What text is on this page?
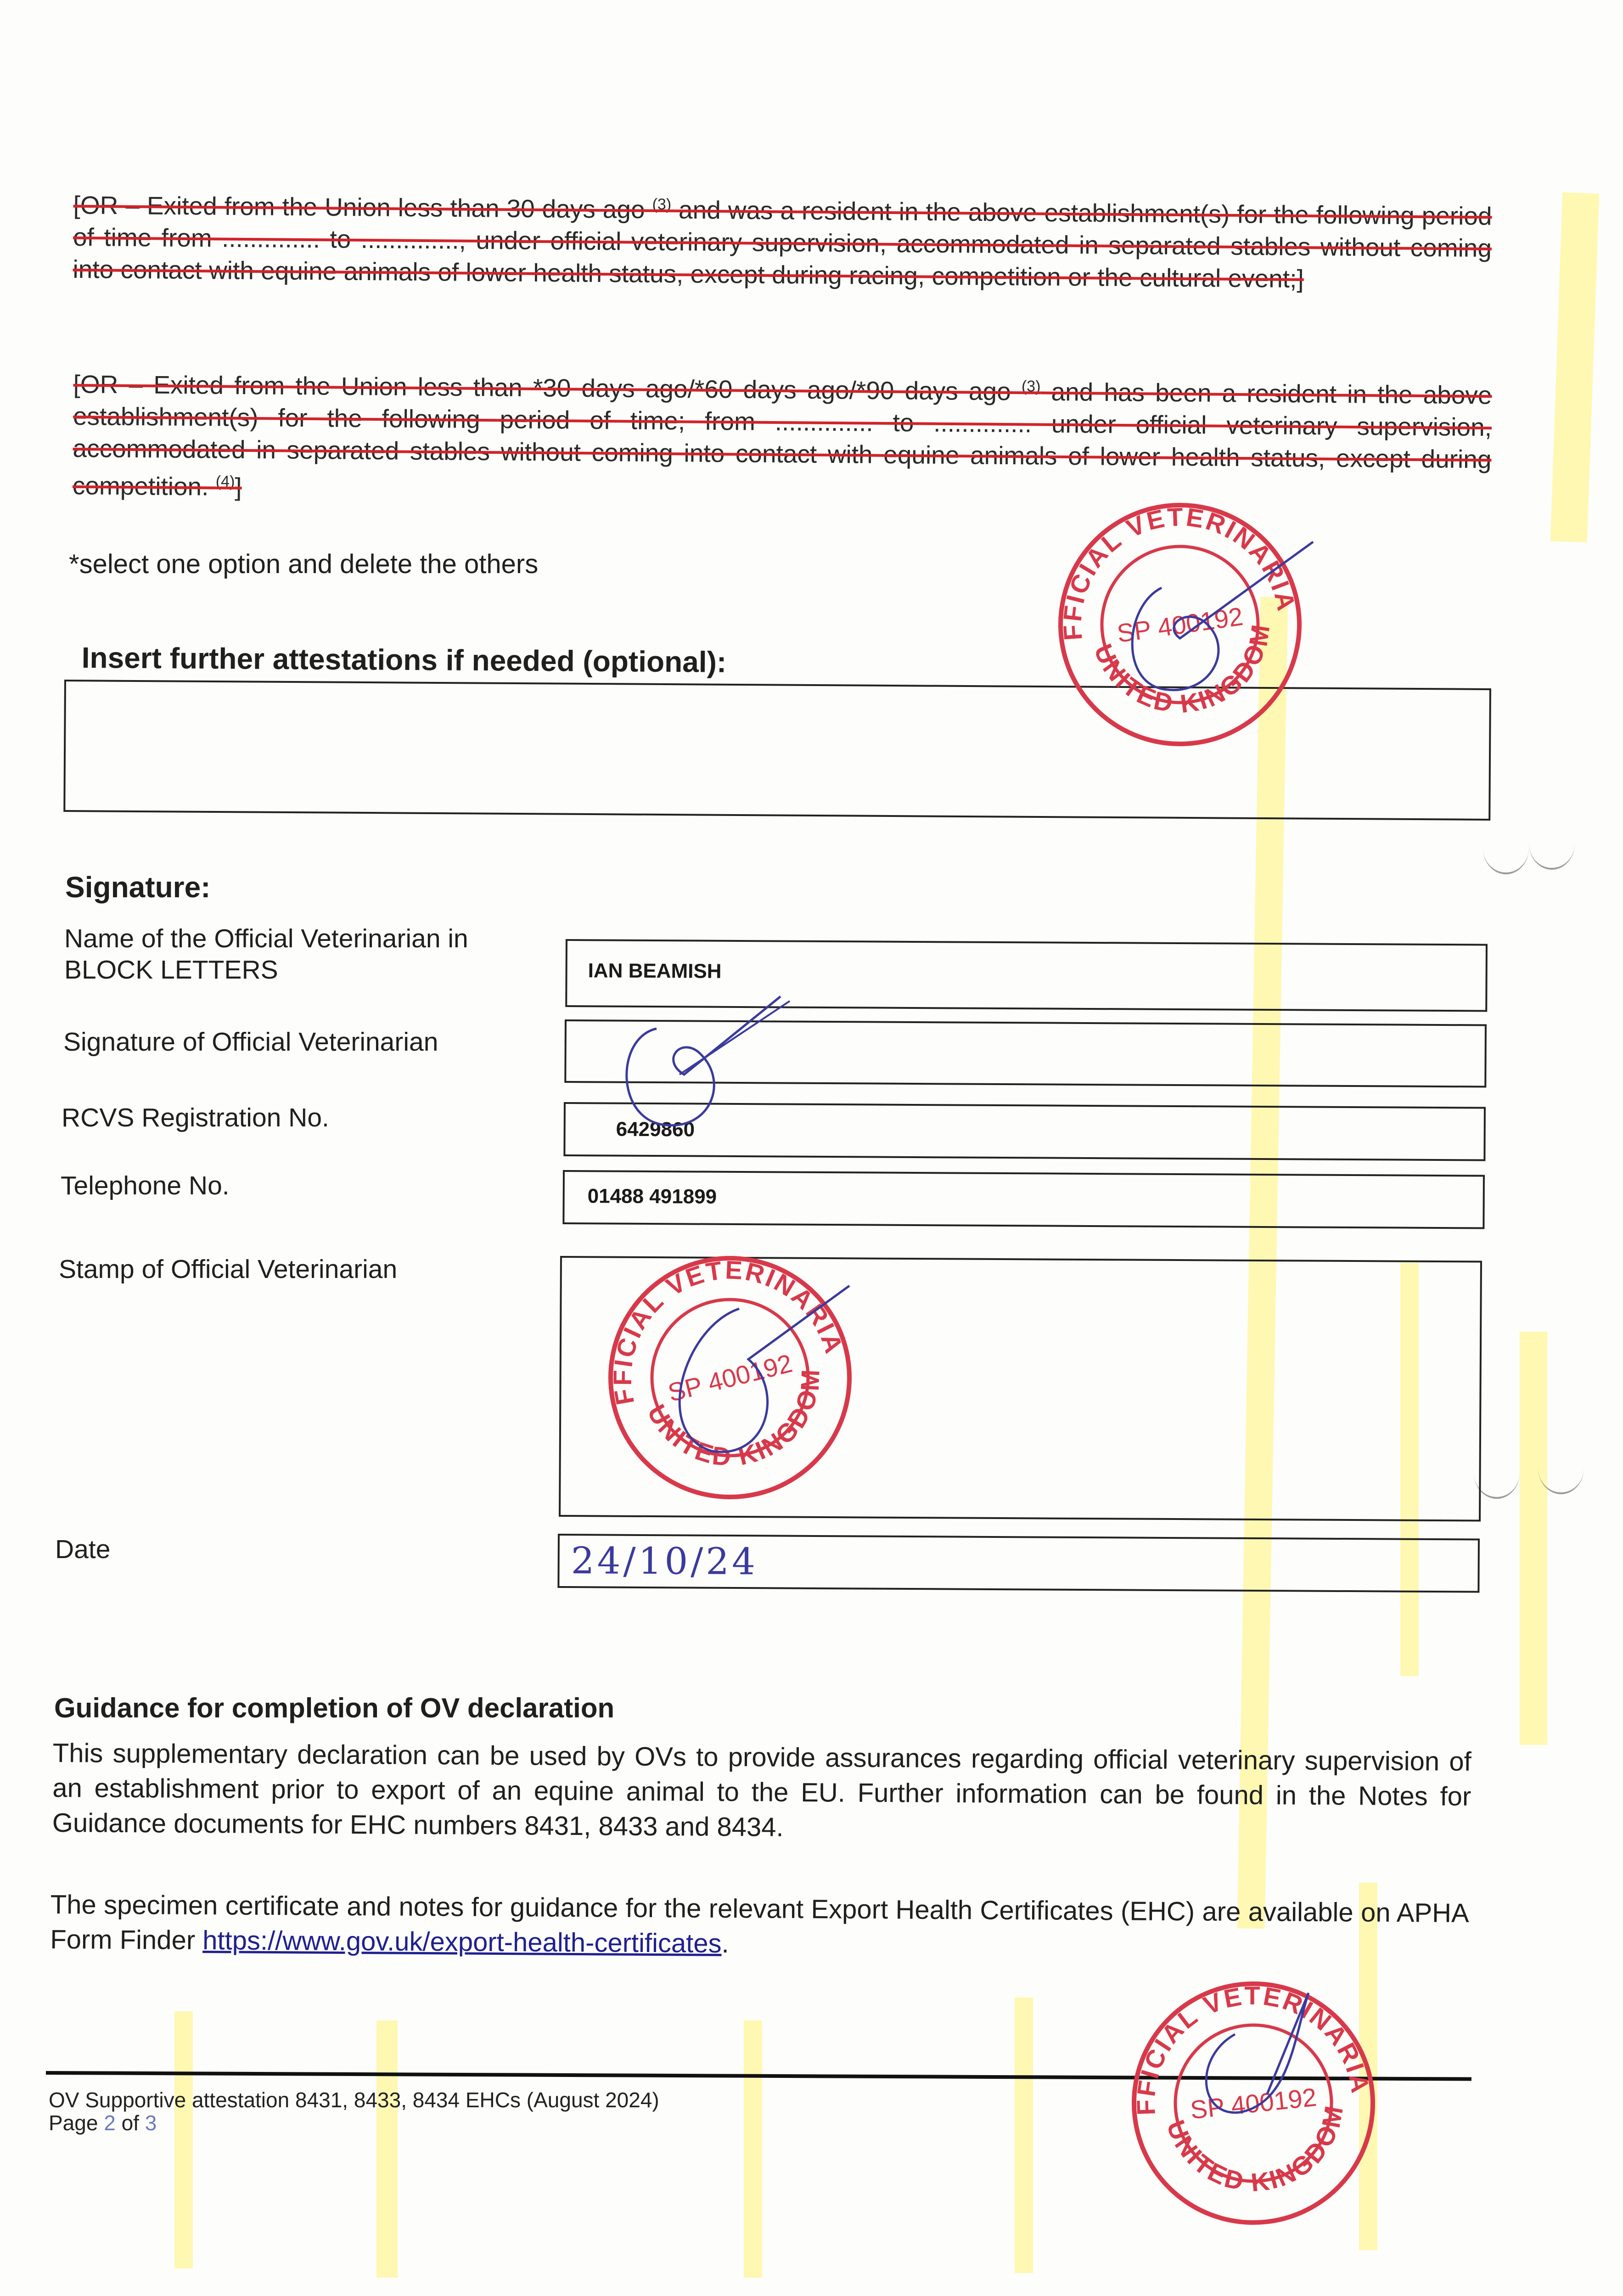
[OR – Exited from the Union less than 30 days ago $^{(3)}$ and was a resident in the above establishment(s) for the following period of time from .............. to .............., under official veterinary supervision, accommodated in separated stables without coming into contact with equine animals of lower health status, except during racing, competition or the cultural event;]
[OR – Exited from the Union less than *30 days ago/*60 days ago/*90 days ago $^{(3)}$ and has been a resident in the above establishment(s) for the following period of time; from .............. to .............. under official veterinary supervision, accommodated in separated stables without coming into contact with equine animals of lower health status, except during competition. $^{(4)}$]
*select one option and delete the others
Insert further attestations if needed (optional):
Signature:
Name of the Official Veterinarian in BLOCK LETTERS	IAN BEAMISH
Signature of Official Veterinarian
RCVS Registration No.	6429860
Telephone No.	01488 491899
Stamp of Official Veterinarian
Date	24/10/24
Guidance for completion of OV declaration
This supplementary declaration can be used by OVs to provide assurances regarding official veterinary supervision of an establishment prior to export of an equine animal to the EU. Further information can be found in the Notes for Guidance documents for EHC numbers 8431, 8433 and 8434.
The specimen certificate and notes for guidance for the relevant Export Health Certificates (EHC) are available on APHA Form Finder https://www.gov.uk/export-health-certificates.
OV Supportive attestation 8431, 8433, 8434 EHCs (August 2024)
Page 2 of 3
OFFICIAL VETERINARIAN
UNITED KINGDOM
SP 400192
OFFICIAL VETERINARIAN
UNITED KINGDOM
SP 400192
OFFICIAL VETERINARIAN
UNITED KINGDOM
SP 400192
